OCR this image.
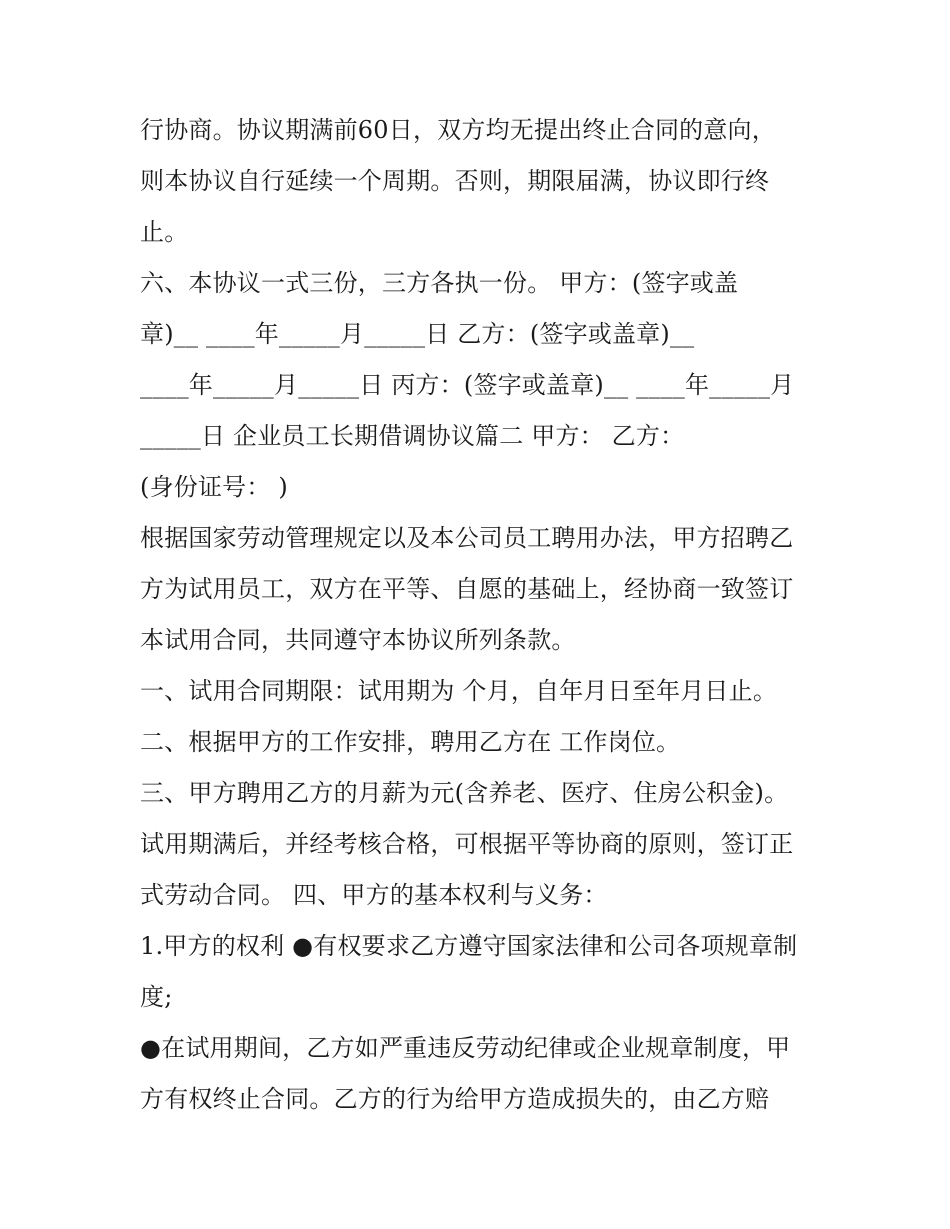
行协商。协议期满前60日，双方均无提出终止合同的意向，
则本协议自行延续一个周期。否则，期限届满，协议即行终
止。
六、本协议一式三份，三方各执一份。 甲方：(签字或盖
章)__ ____年_____月_____日 乙方：(签字或盖章)__
____年_____月_____日 丙方：(签字或盖章)__ ____年_____月
_____日 企业员工长期借调协议篇二 甲方： 乙方：
(身份证号： )
根据国家劳动管理规定以及本公司员工聘用办法，甲方招聘乙
方为试用员工，双方在平等、自愿的基础上，经协商一致签订
本试用合同，共同遵守本协议所列条款。
一、试用合同期限：试用期为 个月，自年月日至年月日止。
二、根据甲方的工作安排，聘用乙方在 工作岗位。
三、甲方聘用乙方的月薪为元(含养老、医疗、住房公积金)。
试用期满后，并经考核合格，可根据平等协商的原则，签订正
式劳动合同。 四、甲方的基本权利与义务：
1.甲方的权利 ●有权要求乙方遵守国家法律和公司各项规章制
度;
●在试用期间，乙方如严重违反劳动纪律或企业规章制度，甲
方有权终止合同。乙方的行为给甲方造成损失的，由乙方赔
